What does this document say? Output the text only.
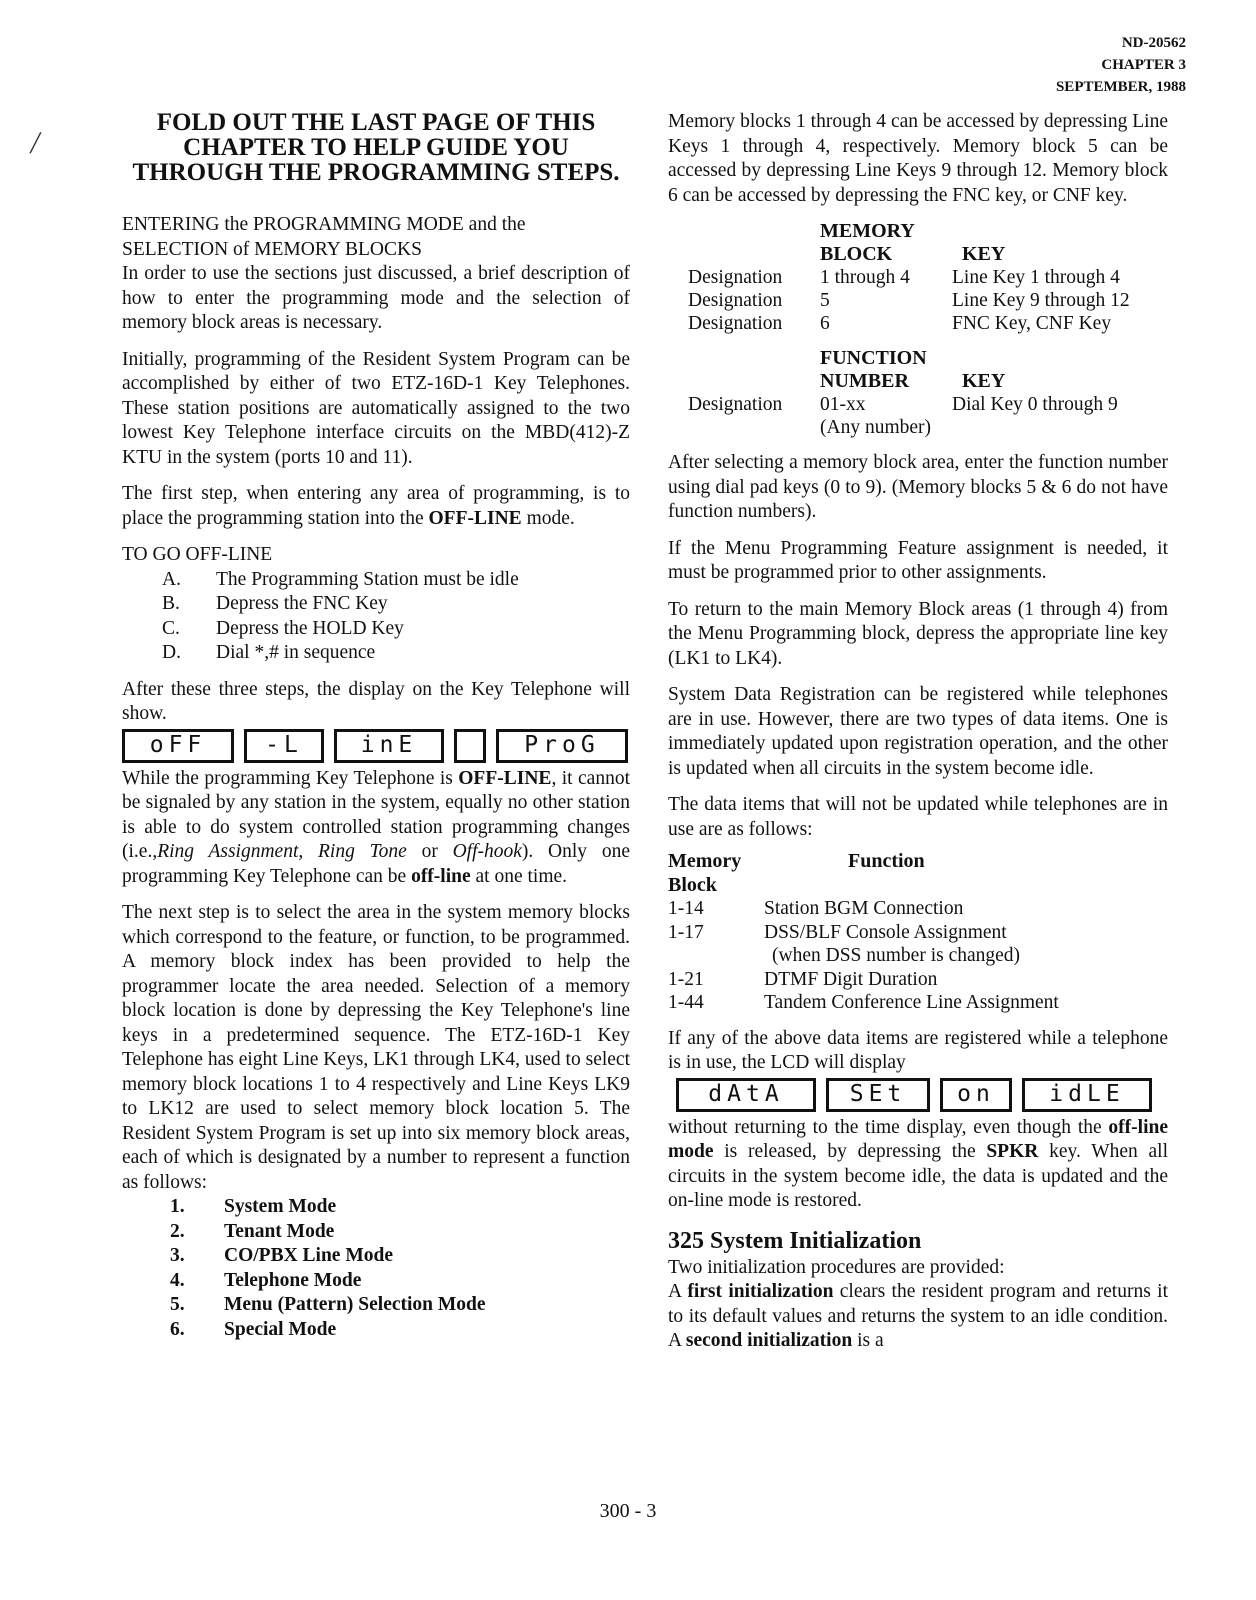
ND-20562
CHAPTER 3
SEPTEMBER, 1988
╱
FOLD OUT THE LAST PAGE OF THIS CHAPTER TO HELP GUIDE YOU THROUGH THE PROGRAMMING STEPS.
ENTERING the PROGRAMMING MODE and the SELECTION of MEMORY BLOCKS

In order to use the sections just discussed, a brief description of how to enter the programming mode and the selection of memory block areas is necessary.

Initially, programming of the Resident System Program can be accomplished by either of two ETZ-16D-1 Key Telephones. These station positions are automatically assigned to the two lowest Key Telephone interface circuits on the MBD(412)-Z KTU in the system (ports 10 and 11).

The first step, when entering any area of programming, is to place the programming station into the OFF-LINE mode.

TO GO OFF-LINE
A.	The Programming Station must be idle
B.	Depress the FNC Key
C.	Depress the HOLD Key
D.	Dial *,# in sequence

After these three steps, the display on the Key Telephone will show.

oFF	-L	inE	ProG

While the programming Key Telephone is OFF-LINE, it cannot be signaled by any station in the system, equally no other station is able to do system controlled station programming changes (i.e.,Ring Assignment, Ring Tone or Off-hook). Only one programming Key Telephone can be off-line at one time.

The next step is to select the area in the system memory blocks which correspond to the feature, or function, to be programmed. A memory block index has been provided to help the programmer locate the area needed. Selection of a memory block location is done by depressing the Key Telephone's line keys in a predetermined sequence. The ETZ-16D-1 Key Telephone has eight Line Keys, LK1 through LK4, used to select memory block locations 1 to 4 respectively and Line Keys LK9 to LK12 are used to select memory block location 5. The Resident System Program is set up into six memory block areas, each of which is designated by a number to represent a function as follows:

1.	System Mode
2.	Tenant Mode
3.	CO/PBX Line Mode
4.	Telephone Mode
5.	Menu (Pattern) Selection Mode
6.	Special Mode

Memory blocks 1 through 4 can be accessed by depressing Line Keys 1 through 4, respectively. Memory block 5 can be accessed by depressing Line Keys 9 through 12. Memory block 6 can be accessed by depressing the FNC key, or CNF key.

	MEMORY
BLOCK	KEY
Designation	1 through 4	Line Key 1 through 4
Designation	5	Line Key 9 through 12
Designation	6	FNC Key, CNF Key

	FUNCTION
NUMBER	KEY
Designation	01-xx	Dial Key 0 through 9
	(Any number)	

After selecting a memory block area, enter the function number using dial pad keys (0 to 9). (Memory blocks 5 & 6 do not have function numbers).

If the Menu Programming Feature assignment is needed, it must be programmed prior to other assignments.

To return to the main Memory Block areas (1 through 4) from the Menu Programming block, depress the appropriate line key (LK1 to LK4).

System Data Registration can be registered while telephones are in use. However, there are two types of data items. One is immediately updated upon registration operation, and the other is updated when all circuits in the system become idle.

The data items that will not be updated while telephones are in use are as follows:

Memory
Block	Function
1-14	Station BGM Connection
1-17	DSS/BLF Console Assignment
	(when DSS number is changed)
1-21	DTMF Digit Duration
1-44	Tandem Conference Line Assignment

If any of the above data items are registered while a telephone is in use, the LCD will display

dAtA	SEt	on	idLE

without returning to the time display, even though the off-line mode is released, by depressing the SPKR key. When all circuits in the system become idle, the data is updated and the on-line mode is restored.

325 System Initialization

Two initialization procedures are provided:

A first initialization clears the resident program and returns it to its default values and returns the system to an idle condition. A second initialization is a

300 - 3
